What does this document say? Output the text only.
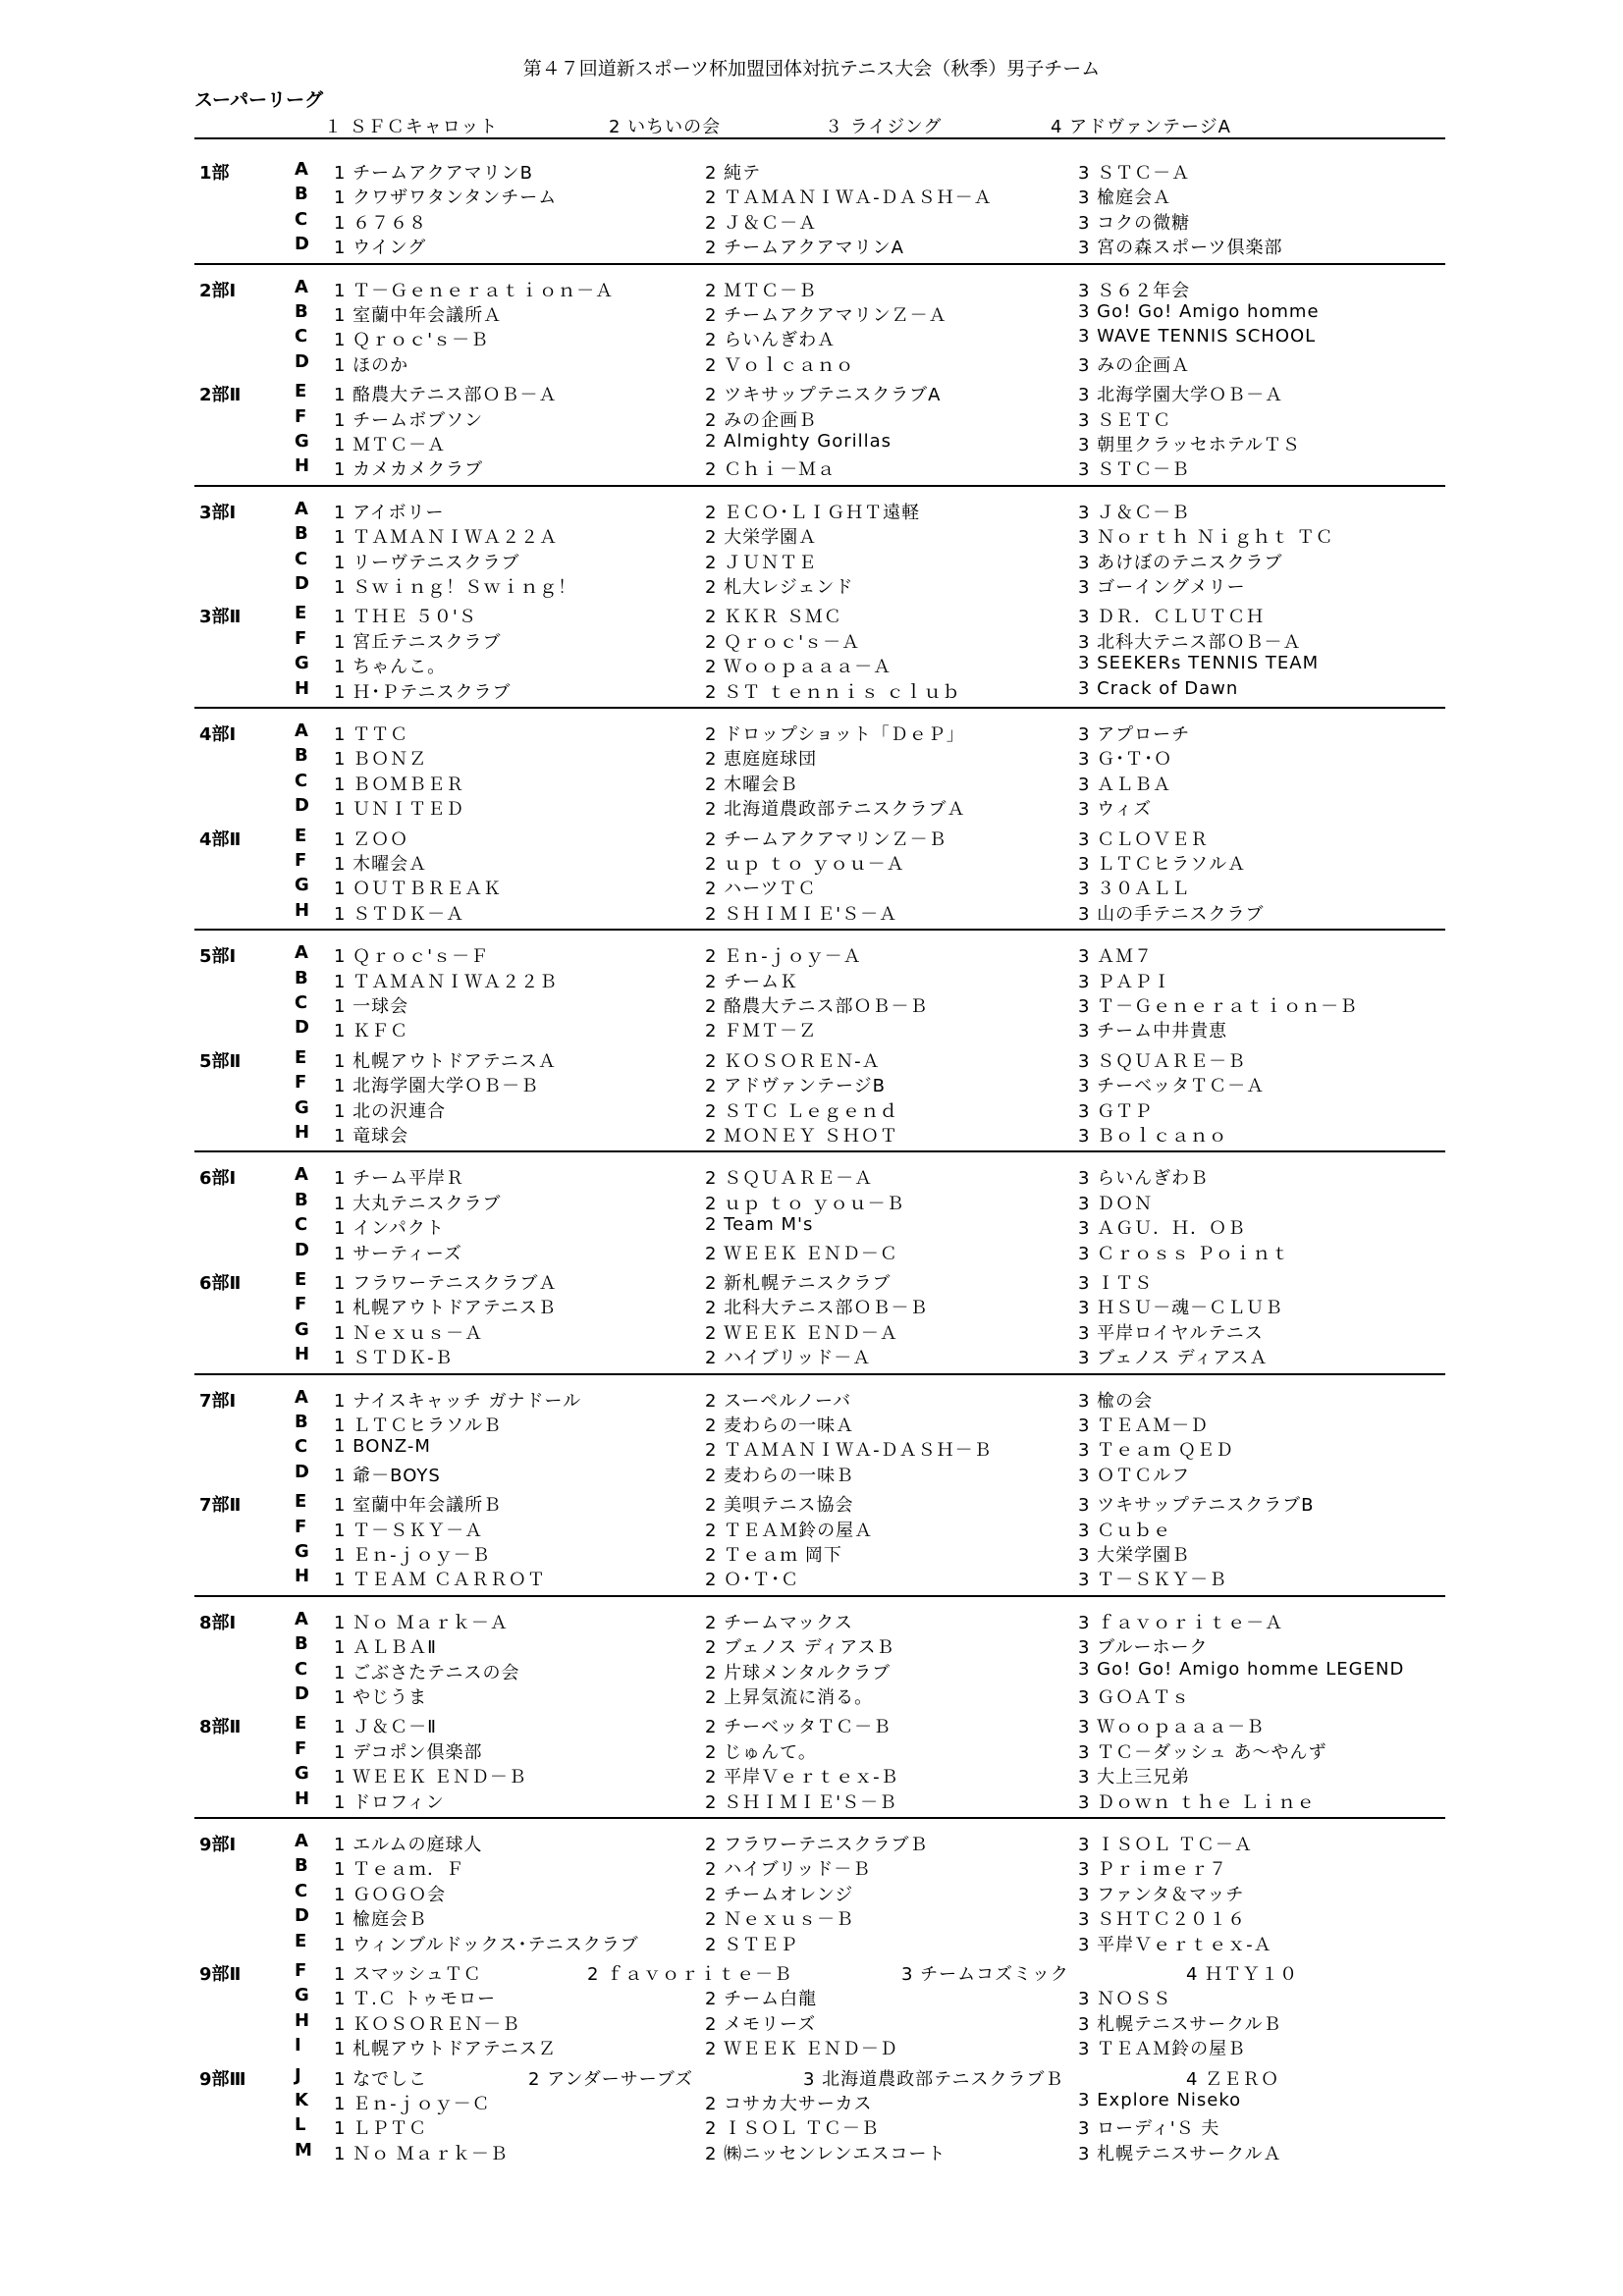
第４７回道新スポーツ杯加盟団体対抗テニス大会（秋季）男子チーム
スーパーリーグ
１ ＳＦＣキャロット	2 いちいの会	３ ライジング	4 アドヴァンテージA
1部	A 1 チームアクアマリンB	2 純テ	3 ＳＴＣ－Ａ
B 1 クワザワタンタンチーム	2 ＴＡＭＡＮＩＷＡ-ＤＡＳＨ－Ａ	3 楡庭会Ａ
C 1 ６７６８	2 Ｊ＆Ｃ－Ａ	3 コクの微糖
D 1 ウイング	2 チームアクアマリンA	3 宮の森スポーツ倶楽部
2部Ⅰ	A 1 Ｔ－Ｇｅｎｅｒａｔｉｏｎ－Ａ	2 ＭＴＣ－Ｂ	3 Ｓ６２年会
B 1 室蘭中年会議所Ａ	2 チームアクアマリンＺ－Ａ	3 Go! Go! Amigo homme
C 1 Ｑｒｏｃ'ｓ－Ｂ	2 らいんぎわＡ	3 WAVE TENNIS SCHOOL
D 1 ほのか	2 Ｖｏｌｃａｎｏ	3 みの企画Ａ
2部Ⅱ	E 1 酪農大テニス部ＯＢ－Ａ	2 ツキサップテニスクラブA	3 北海学園大学ＯＢ－Ａ
F 1 チームボブソン	2 みの企画Ｂ	3 ＳＥＴＣ
G 1 ＭＴＣ－Ａ	2 Almighty Gorillas	3 朝里クラッセホテルＴＳ
H 1 カメカメクラブ	2 Ｃｈｉ－Ｍａ	3 ＳＴＣ－Ｂ
3部Ⅰ	A 1 アイボリー	2 ＥＣＯ･ＬＩＧＨＴ遠軽	3 Ｊ＆Ｃ－Ｂ
B 1 ＴＡＭＡＮＩＷＡ２２Ａ	2 大栄学園Ａ	3 Ｎｏｒｔｈ Ｎｉｇｈｔ ＴＣ
C 1 リーヴテニスクラブ	2 ＪＵＮＴＥ	3 あけぼのテニスクラブ
D 1 Ｓｗｉｎｇ！Ｓｗｉｎｇ！	2 札大レジェンド	3 ゴーイングメリー
3部Ⅱ	E 1 ＴＨＥ ５０'Ｓ	2 ＫＫＲ ＳＭＣ	3 ＤＲ．ＣＬＵＴＣＨ
F 1 宮丘テニスクラブ	2 Ｑｒｏｃ'ｓ－Ａ	3 北科大テニス部ＯＢ－Ａ
G 1 ちゃんこ。	2 Ｗｏｏｐａａａ－Ａ	3 SEEKERs TENNIS TEAM
H 1 Ｈ･Ｐテニスクラブ	2 ＳＴ ｔｅｎｎｉｓ ｃｌｕｂ	3 Crack of Dawn
4部Ⅰ	A 1 ＴＴＣ	2 ドロップショット「ＤｅＰ」	3 アプローチ
B 1 ＢＯＮＺ	2 恵庭庭球団	3 Ｇ･Ｔ･Ｏ
C 1 ＢＯＭＢＥＲ	2 木曜会Ｂ	3 ＡＬＢＡ
D 1 ＵＮＩＴＥＤ	2 北海道農政部テニスクラブＡ	3 ウィズ
4部Ⅱ	E 1 ＺＯＯ	2 チームアクアマリンＺ－Ｂ	3 ＣＬＯＶＥＲ
F 1 木曜会Ａ	2 ｕｐ ｔｏ ｙｏｕ－Ａ	3 ＬＴＣヒラソルＡ
G 1 ＯＵＴＢＲＥＡＫ	2 ハーツＴＣ	3 ３０ＡＬＬ
H 1 ＳＴＤＫ－Ａ	2 ＳＨＩＭＩＥ'Ｓ－Ａ	3 山の手テニスクラブ
5部Ⅰ	A 1 Ｑｒｏｃ'ｓ－Ｆ	2 Ｅｎ-ｊｏｙ－Ａ	3 ＡＭ７
B 1 ＴＡＭＡＮＩＷＡ２２Ｂ	2 チームＫ	3 ＰＡＰＩ
C 1 一球会	2 酪農大テニス部ＯＢ－Ｂ	3 Ｔ－Ｇｅｎｅｒａｔｉｏｎ－Ｂ
D 1 ＫＦＣ	2 ＦＭＴ－Ｚ	3 チーム中井貴恵
5部Ⅱ	E 1 札幌アウトドアテニスＡ	2 ＫＯＳＯＲＥＮ-Ａ	3 ＳＱＵＡＲＥ－Ｂ
F 1 北海学園大学ＯＢ－Ｂ	2 アドヴァンテージB	3 チーベッタＴＣ－Ａ
G 1 北の沢連合	2 ＳＴＣ Ｌｅｇｅｎｄ	3 ＧＴＰ
H 1 竜球会	2 ＭＯＮＥＹ ＳＨＯＴ	3 Ｂｏｌｃａｎｏ
6部Ⅰ	A 1 チーム平岸Ｒ	2 ＳＱＵＡＲＥ－Ａ	3 らいんぎわＢ
B 1 大丸テニスクラブ	2 ｕｐ ｔｏ ｙｏｕ－Ｂ	3 ＤＯＮ
C 1 インパクト	2 Team M's	3 ＡＧＵ．Ｈ．ＯＢ
D 1 サーティーズ	2 ＷＥＥＫ ＥＮＤ－Ｃ	3 Ｃｒｏｓｓ Ｐｏｉｎｔ
6部Ⅱ	E 1 フラワーテニスクラブＡ	2 新札幌テニスクラブ	3 ＩＴＳ
F 1 札幌アウトドアテニスＢ	2 北科大テニス部ＯＢ－Ｂ	3 ＨＳＵ－魂－ＣＬＵＢ
G 1 Ｎｅｘｕｓ－Ａ	2 ＷＥＥＫ ＥＮＤ－Ａ	3 平岸ロイヤルテニス
H 1 ＳＴＤＫ-Ｂ	2 ハイブリッド－Ａ	3 ブェノス ディアスＡ
7部Ⅰ	A 1 ナイスキャッチ ガナドール	2 スーペルノーバ	3 楡の会
B 1 ＬＴＣヒラソルＢ	2 麦わらの一味Ａ	3 ＴＥＡＭ－Ｄ
C 1 BONZ-M	2 ＴＡＭＡＮＩＷＡ-ＤＡＳＨ－Ｂ	3 Ｔｅａｍ ＱＥＤ
D 1 爺－BOYS	2 麦わらの一味Ｂ	3 ＯＴＣルフ
7部Ⅱ	E 1 室蘭中年会議所Ｂ	2 美唄テニス協会	3 ツキサップテニスクラブB
F 1 Ｔ－ＳＫＹ－Ａ	2 ＴＥＡＭ鈴の屋Ａ	3 Ｃｕｂｅ
G 1 Ｅｎ-ｊｏｙ－Ｂ	2 Ｔｅａｍ 岡下	3 大栄学園Ｂ
H 1 ＴＥＡＭ ＣＡＲＲＯＴ	2 Ｏ･Ｔ･Ｃ	3 Ｔ－ＳＫＹ－Ｂ
8部Ⅰ	A 1 Ｎｏ Ｍａｒｋ－Ａ	2 チームマックス	3 ｆａｖｏｒｉｔｅ－Ａ
B 1 ＡＬＢＡⅡ	2 ブェノス ディアスＢ	3 ブルーホーク
C 1 ごぶさたテニスの会	2 片球メンタルクラブ	3 Go! Go! Amigo homme LEGEND
D 1 やじうま	2 上昇気流に消る。	3 ＧＯＡＴｓ
8部Ⅱ	E 1 Ｊ＆Ｃ－Ⅱ	2 チーベッタＴＣ－Ｂ	3 Ｗｏｏｐａａａ－Ｂ
F 1 デコポン倶楽部	2 じゅんて。	3 ＴＣ－ダッシュ あ～やんず
G 1 ＷＥＥＫ ＥＮＤ－Ｂ	2 平岸Ｖｅｒｔｅｘ-Ｂ	3 大上三兄弟
H 1 ドロフィン	2 ＳＨＩＭＩＥ'Ｓ－Ｂ	3 Ｄｏｗｎ ｔｈｅ Ｌｉｎｅ
9部Ⅰ	A 1 エルムの庭球人	2 フラワーテニスクラブＢ	3 ＩＳＯＬ ＴＣ－Ａ
B 1 Ｔｅａｍ．Ｆ	2 ハイブリッド－Ｂ	3 Ｐｒｉｍｅｒ７
C 1 ＧＯＧＯ会	2 チームオレンジ	3 ファンタ＆マッチ
D 1 楡庭会Ｂ	2 Ｎｅｘｕｓ－Ｂ	3 ＳＨＴＣ２０１６
E 1 ウィンブルドックス･テニスクラブ	2 ＳＴＥＰ	3 平岸Ｖｅｒｔｅｘ-Ａ
9部Ⅱ	F 1 スマッシュＴＣ	2 ｆａｖｏｒｉｔｅ－Ｂ	3 チームコズミック	4 ＨＴＹ１０
G 1 Ｔ.Ｃ トゥモロー	2 チーム白龍	3 ＮＯＳＳ
H 1 ＫＯＳＯＲＥＮ－Ｂ	2 メモリーズ	3 札幌テニスサークルＢ
I 1 札幌アウトドアテニスＺ	2 ＷＥＥＫ ＥＮＤ－Ｄ	3 ＴＥＡＭ鈴の屋Ｂ
9部Ⅲ	J 1 なでしこ	2 アンダーサーブズ	3 北海道農政部テニスクラブＢ	4 ＺＥＲＯ
K 1 Ｅｎ-ｊｏｙ－Ｃ	2 コサカ大サーカス	3 Explore Niseko
L 1 ＬＰＴＣ	2 ＩＳＯＬ ＴＣ－Ｂ	3 ローディ'Ｓ 夫
M 1 Ｎｏ Ｍａｒｋ－Ｂ	2 ㈱ニッセンレンエスコート	3 札幌テニスサークルＡ
